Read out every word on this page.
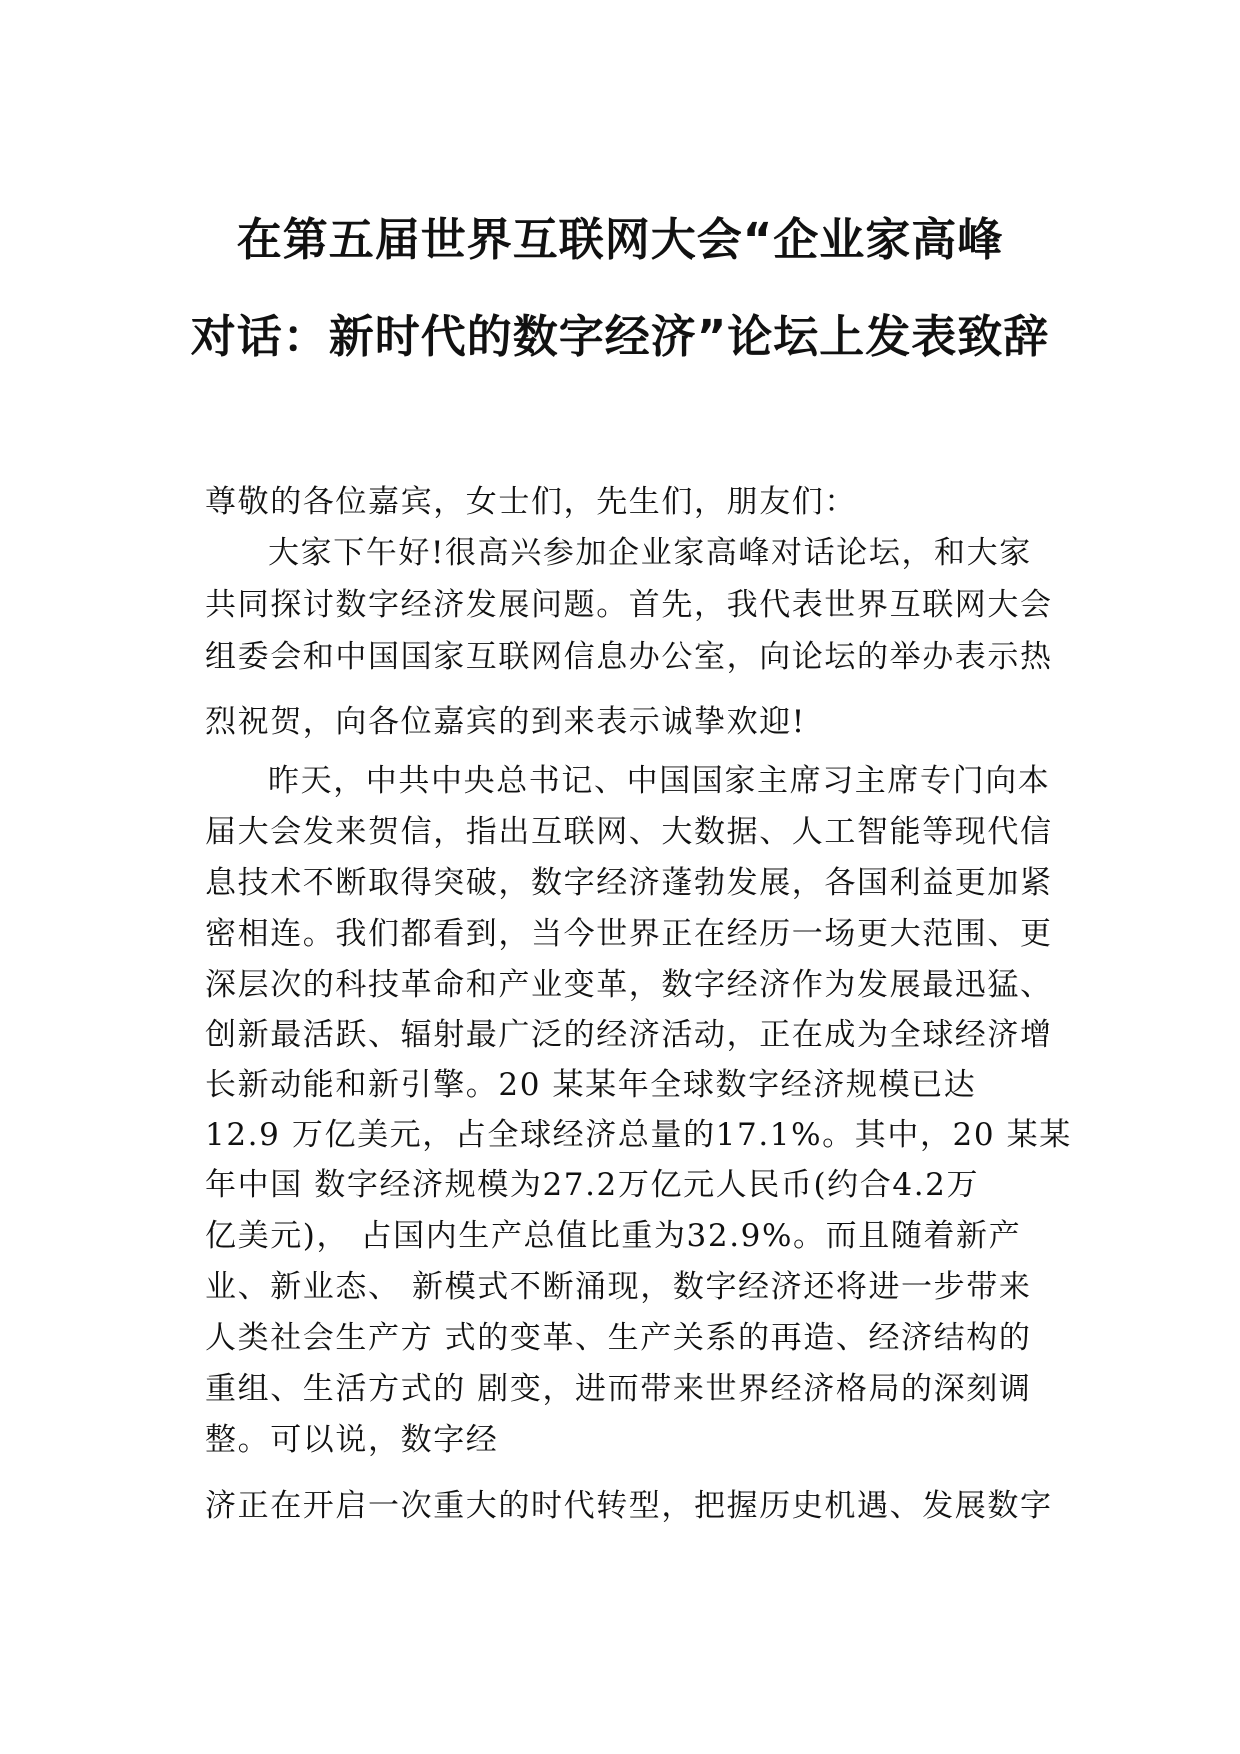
在第五届世界互联网大会“企业家高峰
对话：新时代的数字经济”论坛上发表致辞
尊敬的各位嘉宾，女士们，先生们，朋友们：
大家下午好!很高兴参加企业家高峰对话论坛，和大家
共同探讨数字经济发展问题。首先，我代表世界互联网大会
组委会和中国国家互联网信息办公室，向论坛的举办表示热
烈祝贺，向各位嘉宾的到来表示诚挚欢迎!
昨天，中共中央总书记、中国国家主席习主席专门向本
届大会发来贺信，指出互联网、大数据、人工智能等现代信
息技术不断取得突破，数字经济蓬勃发展，各国利益更加紧
密相连。我们都看到，当今世界正在经历一场更大范围、更
深层次的科技革命和产业变革，数字经济作为发展最迅猛、
创新最活跃、辐射最广泛的经济活动，正在成为全球经济增
长新动能和新引擎。20 某某年全球数字经济规模已达
12.9 万亿美元，占全球经济总量的17.1%。其中，20 某某
年中国 数字经济规模为27.2万亿元人民币(约合4.2万
亿美元)， 占国内生产总值比重为32.9%。而且随着新产
业、新业态、 新模式不断涌现，数字经济还将进一步带来
人类社会生产方 式的变革、生产关系的再造、经济结构的
重组、生活方式的 剧变，进而带来世界经济格局的深刻调
整。可以说，数字经
济正在开启一次重大的时代转型，把握历史机遇、发展数字
